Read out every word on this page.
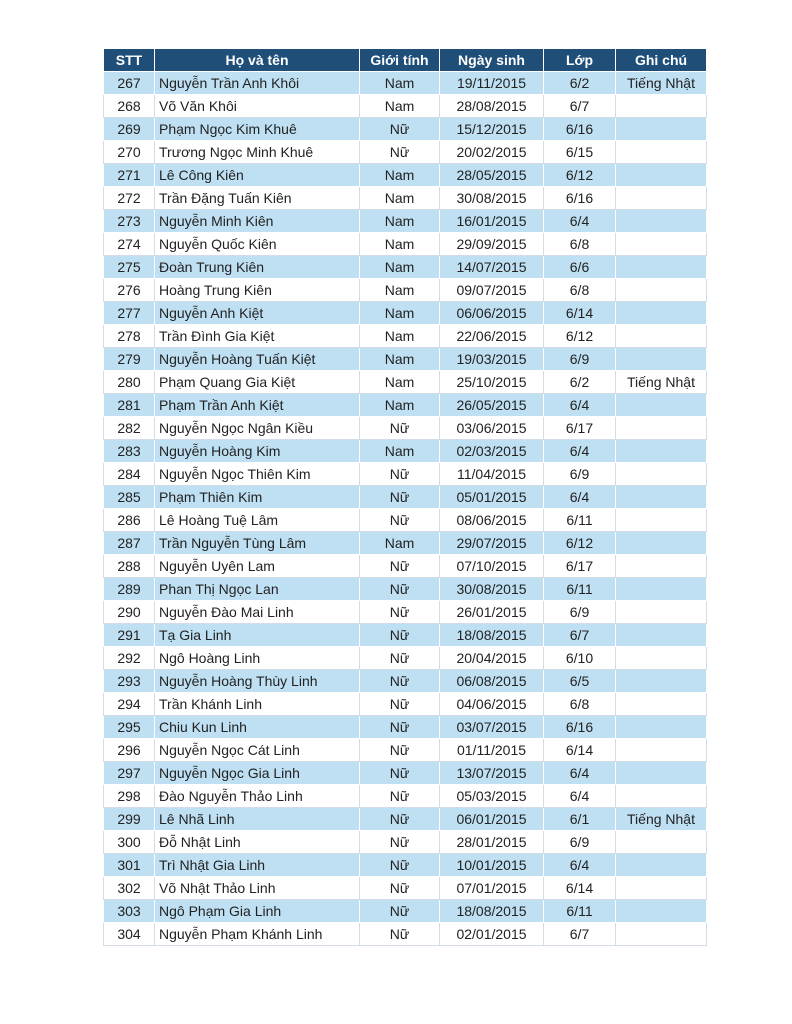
STT	Họ và tên	Giới tính	Ngày sinh	Lớp	Ghi chú
267	Nguyễn Trần Anh Khôi	Nam	19/11/2015	6/2	Tiếng Nhật
268	Võ Văn Khôi	Nam	28/08/2015	6/7	
269	Phạm Ngọc Kim Khuê	Nữ	15/12/2015	6/16	
270	Trương Ngọc Minh Khuê	Nữ	20/02/2015	6/15	
271	Lê Công Kiên	Nam	28/05/2015	6/12	
272	Trần Đặng Tuấn Kiên	Nam	30/08/2015	6/16	
273	Nguyễn Minh Kiên	Nam	16/01/2015	6/4	
274	Nguyễn Quốc Kiên	Nam	29/09/2015	6/8	
275	Đoàn Trung Kiên	Nam	14/07/2015	6/6	
276	Hoàng Trung Kiên	Nam	09/07/2015	6/8	
277	Nguyễn Anh Kiệt	Nam	06/06/2015	6/14	
278	Trần Đình Gia Kiệt	Nam	22/06/2015	6/12	
279	Nguyễn Hoàng Tuấn Kiệt	Nam	19/03/2015	6/9	
280	Phạm Quang Gia Kiệt	Nam	25/10/2015	6/2	Tiếng Nhật
281	Phạm Trần Anh Kiệt	Nam	26/05/2015	6/4	
282	Nguyễn Ngọc Ngân Kiều	Nữ	03/06/2015	6/17	
283	Nguyễn Hoàng Kim	Nam	02/03/2015	6/4	
284	Nguyễn Ngọc Thiên Kim	Nữ	11/04/2015	6/9	
285	Phạm Thiên Kim	Nữ	05/01/2015	6/4	
286	Lê Hoàng Tuệ Lâm	Nữ	08/06/2015	6/11	
287	Trần Nguyễn Tùng Lâm	Nam	29/07/2015	6/12	
288	Nguyễn Uyên Lam	Nữ	07/10/2015	6/17	
289	Phan Thị Ngọc Lan	Nữ	30/08/2015	6/11	
290	Nguyễn Đào Mai Linh	Nữ	26/01/2015	6/9	
291	Tạ Gia Linh	Nữ	18/08/2015	6/7	
292	Ngô Hoàng Linh	Nữ	20/04/2015	6/10	
293	Nguyễn Hoàng Thùy Linh	Nữ	06/08/2015	6/5	
294	Trần Khánh Linh	Nữ	04/06/2015	6/8	
295	Chiu Kun Linh	Nữ	03/07/2015	6/16	
296	Nguyễn Ngọc Cát Linh	Nữ	01/11/2015	6/14	
297	Nguyễn Ngọc Gia Linh	Nữ	13/07/2015	6/4	
298	Đào Nguyễn Thảo Linh	Nữ	05/03/2015	6/4	
299	Lê Nhã Linh	Nữ	06/01/2015	6/1	Tiếng Nhật
300	Đỗ Nhật Linh	Nữ	28/01/2015	6/9	
301	Trì Nhật Gia Linh	Nữ	10/01/2015	6/4	
302	Võ Nhật Thảo Linh	Nữ	07/01/2015	6/14	
303	Ngô Phạm Gia Linh	Nữ	18/08/2015	6/11	
304	Nguyễn Phạm Khánh Linh	Nữ	02/01/2015	6/7	
